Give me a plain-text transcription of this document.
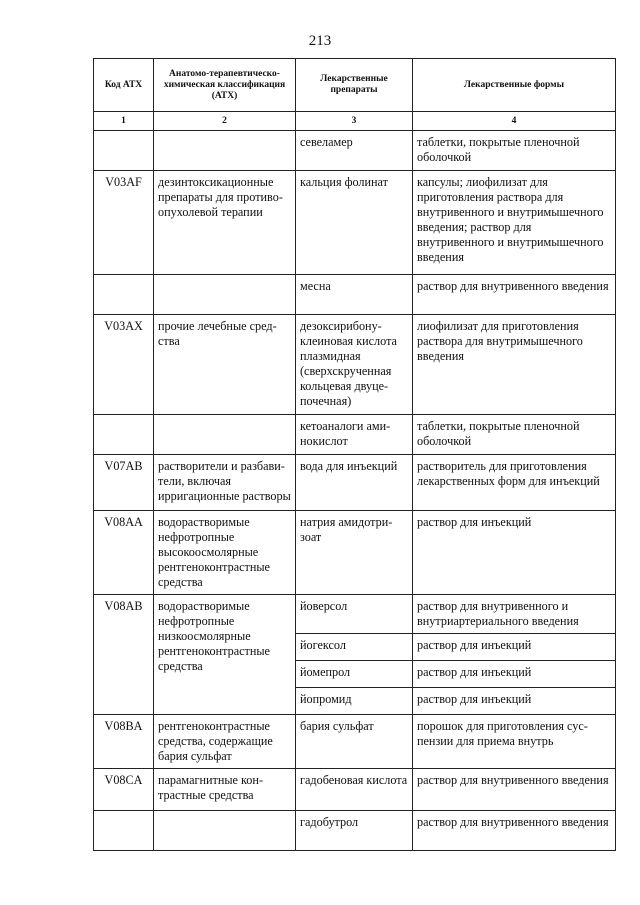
213
Код АТХ	Анатомо-терапевтическо-химическая классификация (АТХ)	Лекарственные препараты	Лекарственные формы
1	2	3	4
		севеламер	таблетки, покрытые пленочной оболочкой
V03AF	дезинтоксикационные препараты для противоопухолевой терапии	кальция фолинат	капсулы; лиофилизат для приготовления раствора для внутривенного и внутримышечного введения; раствор для внутривенного и внутримышечного введения
		месна	раствор для внутривенного введения
V03AX	прочие лечебные средства	дезоксирибонуклеиновая кислота плазмидная (сверхскрученная кольцевая двуцепочечная)	лиофилизат для приготовления раствора для внутримышечного введения
		кетоаналоги аминокислот	таблетки, покрытые пленочной оболочкой
V07AB	растворители и разбавители, включая ирригационные растворы	вода для инъекций	растворитель для приготовления лекарственных форм для инъекций
V08AA	водорастворимые нефротропные высокоосмолярные рентгеноконтрастные средства	натрия амидотризоат	раствор для инъекций
V08AB	водорастворимые нефротропные низкоосмолярные рентгеноконтрастные средства	йоверсол	раствор для внутривенного и внутриартериального введения
		йогексол	раствор для инъекций
		йомепрол	раствор для инъекций
		йопромид	раствор для инъекций
V08BA	рентгеноконтрастные средства, содержащие бария сульфат	бария сульфат	порошок для приготовления суспензии для приема внутрь
V08CA	парамагнитные контрастные средства	гадобеновая кислота	раствор для внутривенного введения
		гадобутрол	раствор для внутривенного введения
